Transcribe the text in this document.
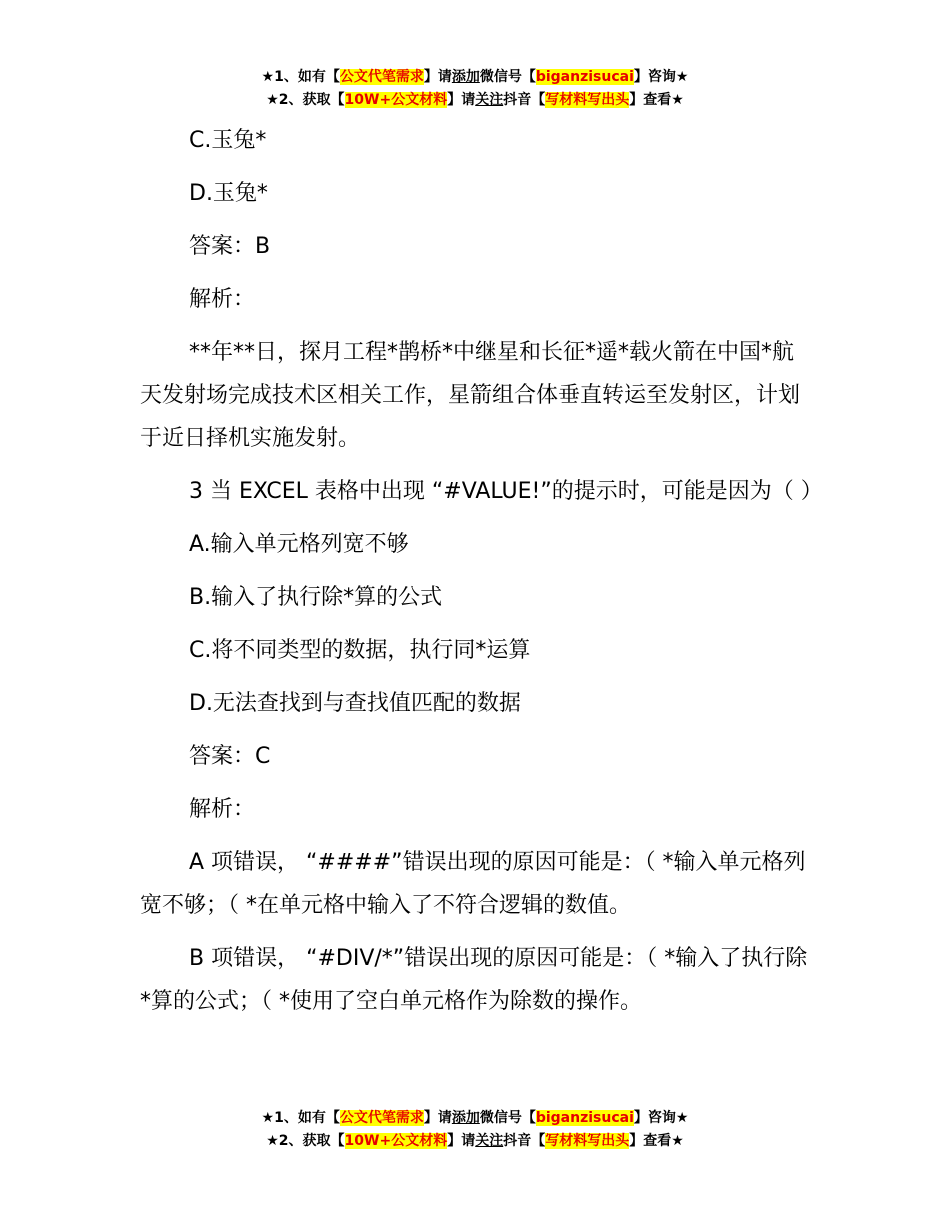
★1、如有【公文代笔需求】请添加微信号【biganzisucai】咨询★
★2、获取【10W+公文材料】请关注抖音【写材料写出头】查看★

C.玉兔*

D.玉兔*

答案：B

解析：

**年**日，探月工程*鹊桥*中继星和长征*遥*载火箭在中国*航天发射场完成技术区相关工作，星箭组合体垂直转运至发射区，计划于近日择机实施发射。

3 当 EXCEL 表格中出现 “#VALUE!”的提示时，可能是因为（ ）

A.输入单元格列宽不够

B.输入了执行除*算的公式

C.将不同类型的数据，执行同*运算

D.无法查找到与查找值匹配的数据

答案：C

解析：

A 项错误， “####”错误出现的原因可能是：（ *输入单元格列宽不够；（ *在单元格中输入了不符合逻辑的数值。

B 项错误， “#DIV/*”错误出现的原因可能是：（ *输入了执行除*算的公式；（ *使用了空白单元格作为除数的操作。

★1、如有【公文代笔需求】请添加微信号【biganzisucai】咨询★
★2、获取【10W+公文材料】请关注抖音【写材料写出头】查看★
